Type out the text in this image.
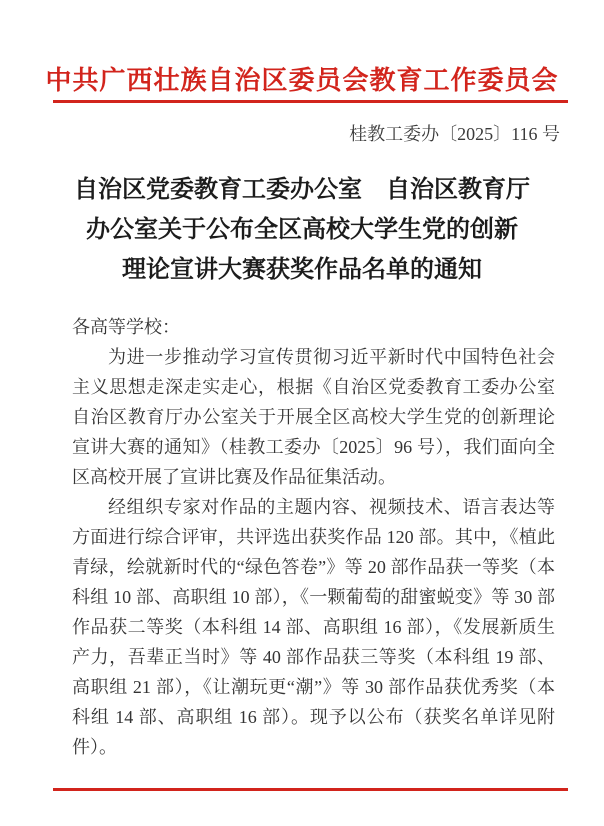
中共广西壮族自治区委员会教育工作委员会
桂教工委办〔2025〕116 号
自治区党委教育工委办公室　自治区教育厅
办公室关于公布全区高校大学生党的创新
理论宣讲大赛获奖作品名单的通知

各高等学校：

为进一步推动学习宣传贯彻习近平新时代中国特色社会主义思想走深走实走心，根据《自治区党委教育工委办公室　自治区教育厅办公室关于开展全区高校大学生党的创新理论宣讲大赛的通知》（桂教工委办〔2025〕96 号），我们面向全区高校开展了宣讲比赛及作品征集活动。

经组织专家对作品的主题内容、视频技术、语言表达等方面进行综合评审，共评选出获奖作品 120 部。其中，《植此青绿，绘就新时代的“绿色答卷”》等 20 部作品获一等奖（本科组 10 部、高职组 10 部），《一颗葡萄的甜蜜蜕变》等 30 部作品获二等奖（本科组 14 部、高职组 16 部），《发展新质生产力，吾辈正当时》等 40 部作品获三等奖（本科组 19 部、高职组 21 部），《让潮玩更“潮”》等 30 部作品获优秀奖（本科组 14 部、高职组 16 部）。现予以公布（获奖名单详见附件）。
